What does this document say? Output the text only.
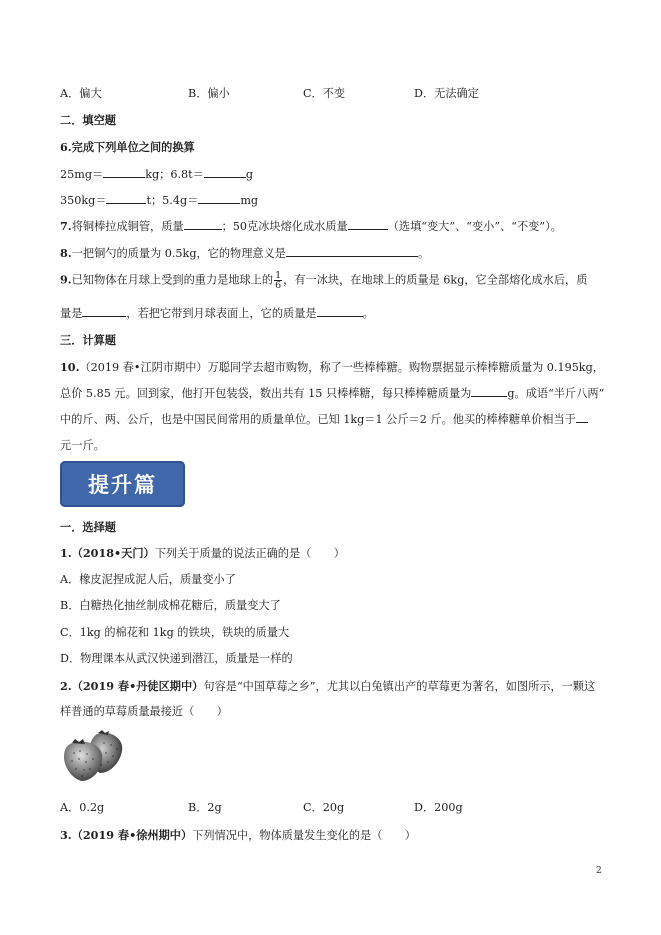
A．偏大	B．偏小	C．不变	D．无法确定
二．填空题
6.完成下列单位之间的换算
25mg＝	kg；6.8t＝	g
350kg＝	t；5.4g＝	mg
7.将铜棒拉成铜管，质量	；50克冰块熔化成水质量	（选填“变大”、“变小”、“不变”）。
8.一把铜勺的质量为 0.5kg，它的物理意义是	。
9.已知物体在月球上受到的重力是地球上的 $\frac{1}{6}$ ，有一冰块，在地球上的质量是 6kg，它全部熔化成水后，质
量是	，若把它带到月球表面上，它的质量是	。
三．计算题
10.（2019 春•江阴市期中）万聪同学去超市购物，称了一些棒棒糖。购物票据显示棒棒糖质量为 0.195kg，
总价 5.85 元。回到家，他打开包装袋，数出共有 15 只棒棒糖，每只棒棒糖质量为	g。成语“半斤八两”
中的斤、两、公斤，也是中国民间常用的质量单位。已知 1kg＝1 公斤＝2 斤。他买的棒棒糖单价相当于
元一斤。
提升篇
一．选择题
1.（2018•天门）下列关于质量的说法正确的是（　　）
A．橡皮泥捏成泥人后，质量变小了
B．白糖热化抽丝制成棉花糖后，质量变大了
C．1kg 的棉花和 1kg 的铁块，铁块的质量大
D．物理课本从武汉快递到潜江，质量是一样的
2.（2019 春•丹徒区期中）句容是“中国草莓之乡”，尤其以白兔镇出产的草莓更为著名，如图所示，一颗这
样普通的草莓质量最接近（　　）
A．0.2g	B．2g	C．20g	D．200g
3.（2019 春•徐州期中）下列情况中，物体质量发生变化的是（　　）
2
